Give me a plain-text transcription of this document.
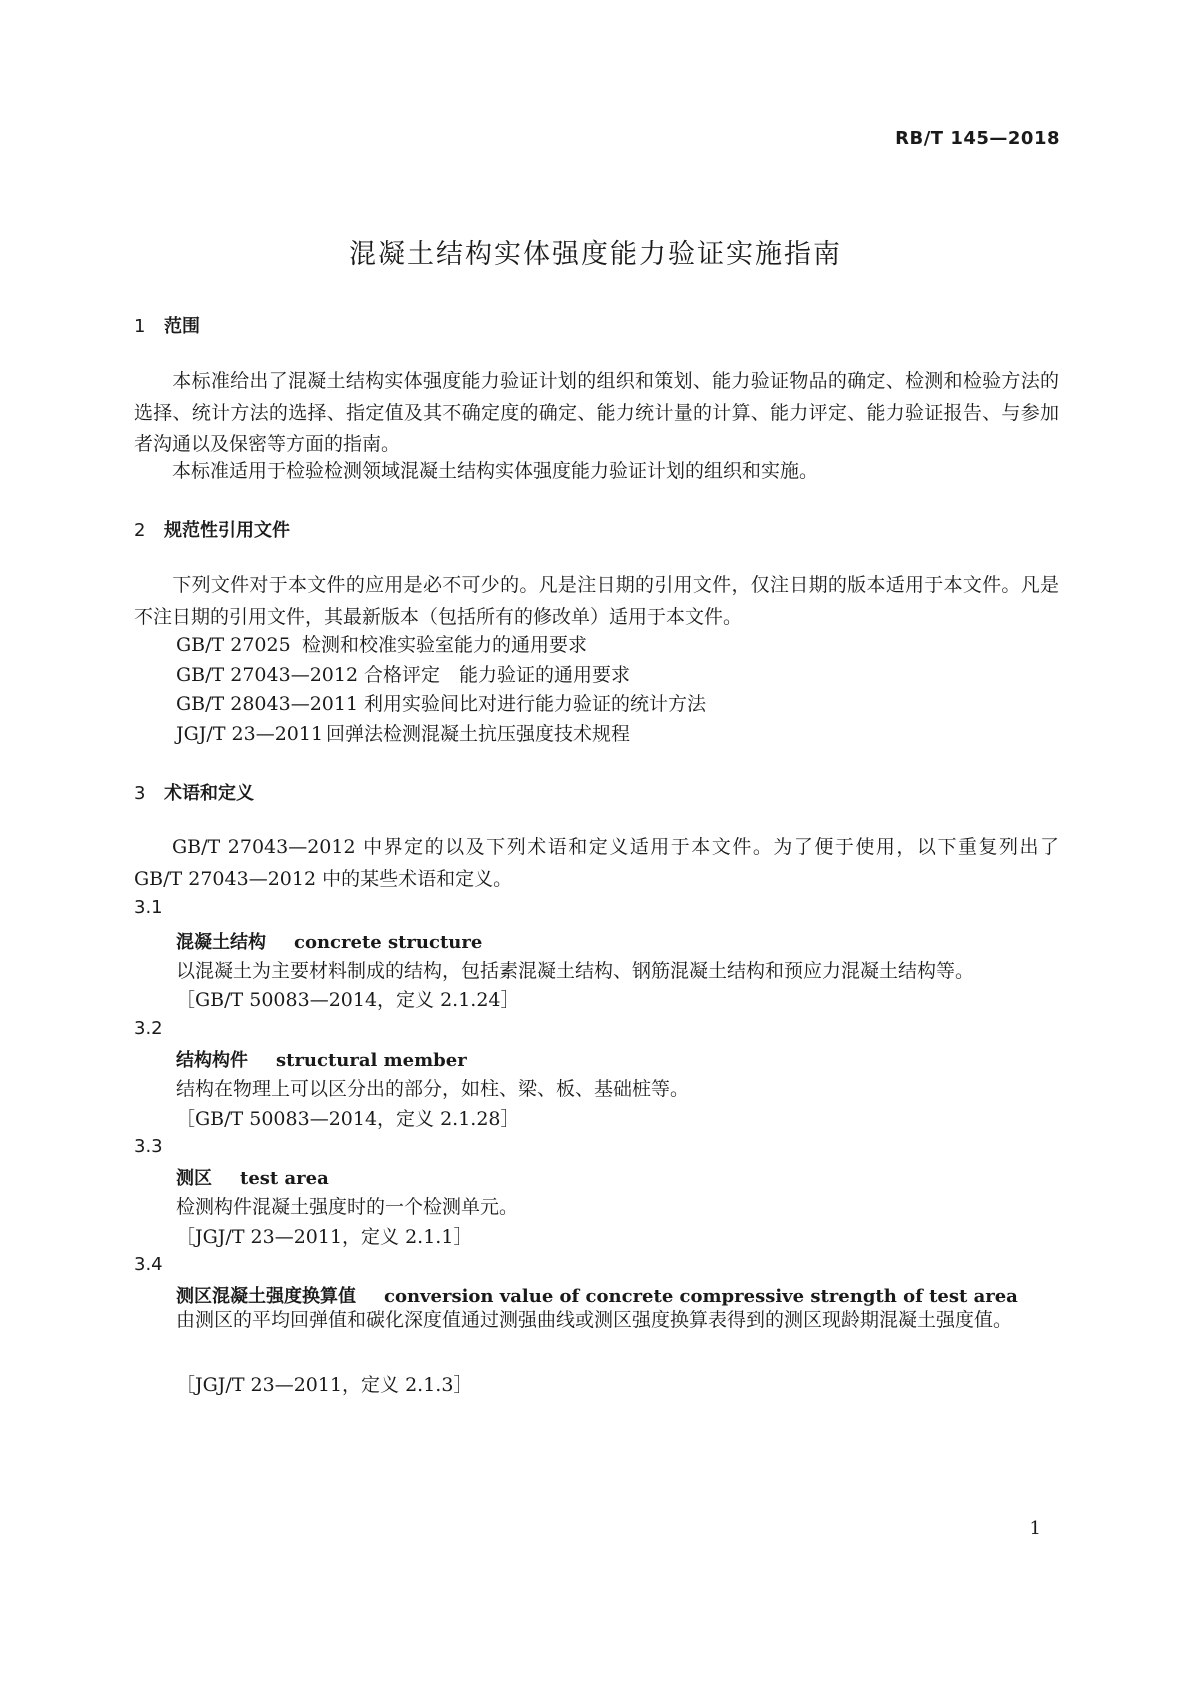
RB/T 145—2018
混凝土结构实体强度能力验证实施指南
1 范围
本标准给出了混凝土结构实体强度能力验证计划的组织和策划、能力验证物品的确定、检测和检验方法的选择、统计方法的选择、指定值及其不确定度的确定、能力统计量的计算、能力评定、能力验证报告、与参加者沟通以及保密等方面的指南。
本标准适用于检验检测领域混凝土结构实体强度能力验证计划的组织和实施。
2 规范性引用文件
下列文件对于本文件的应用是必不可少的。凡是注日期的引用文件，仅注日期的版本适用于本文件。凡是不注日期的引用文件，其最新版本（包括所有的修改单）适用于本文件。
GB/T 27025 检测和校准实验室能力的通用要求
GB/T 27043—2012 合格评定　能力验证的通用要求
GB/T 28043—2011 利用实验间比对进行能力验证的统计方法
JGJ/T 23—2011 回弹法检测混凝土抗压强度技术规程
3 术语和定义
GB/T 27043—2012 中界定的以及下列术语和定义适用于本文件。为了便于使用，以下重复列出了 GB/T 27043—2012 中的某些术语和定义。
3.1
混凝土结构 concrete structure
以混凝土为主要材料制成的结构，包括素混凝土结构、钢筋混凝土结构和预应力混凝土结构等。
［GB/T 50083—2014，定义 2.1.24］
3.2
结构构件 structural member
结构在物理上可以区分出的部分，如柱、梁、板、基础桩等。
［GB/T 50083—2014，定义 2.1.28］
3.3
测区 test area
检测构件混凝土强度时的一个检测单元。
［JGJ/T 23—2011，定义 2.1.1］
3.4
测区混凝土强度换算值 conversion value of concrete compressive strength of test area
由测区的平均回弹值和碳化深度值通过测强曲线或测区强度换算表得到的测区现龄期混凝土强度值。
［JGJ/T 23—2011，定义 2.1.3］
1
